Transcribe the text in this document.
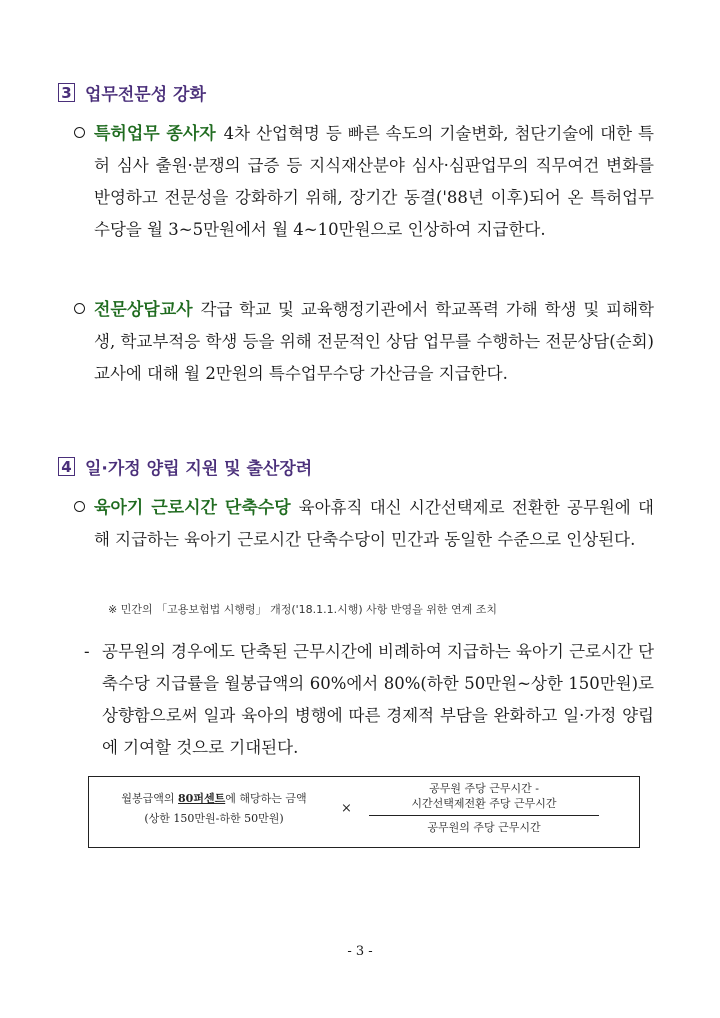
3 업무전문성 강화
특허업무 종사자 4차 산업혁명 등 빠른 속도의 기술변화, 첨단기술에 대한 특허 심사 출원·분쟁의 급증 등 지식재산분야 심사·심판업무의 직무여건 변화를 반영하고 전문성을 강화하기 위해, 장기간 동결('88년 이후)되어 온 특허업무수당을 월 3~5만원에서 월 4~10만원으로 인상하여 지급한다.
전문상담교사 각급 학교 및 교육행정기관에서 학교폭력 가해 학생 및 피해학생, 학교부적응 학생 등을 위해 전문적인 상담 업무를 수행하는 전문상담(순회)교사에 대해 월 2만원의 특수업무수당 가산금을 지급한다.
4 일·가정 양립 지원 및 출산장려
육아기 근로시간 단축수당 육아휴직 대신 시간선택제로 전환한 공무원에 대해 지급하는 육아기 근로시간 단축수당이 민간과 동일한 수준으로 인상된다.
※ 민간의 「고용보험법 시행령」 개정('18.1.1.시행) 사항 반영을 위한 연계 조치
- 공무원의 경우에도 단축된 근무시간에 비례하여 지급하는 육아기 근로시간 단축수당 지급률을 월봉급액의 60%에서 80%(하한 50만원~상한 150만원)로 상향함으로써 일과 육아의 병행에 따른 경제적 부담을 완화하고 일·가정 양립에 기여할 것으로 기대된다.
월봉급액의 80퍼센트에 해당하는 금액
(상한 150만원-하한 50만원)
×
공무원 주당 근무시간 -
시간선택제전환 주당 근무시간
공무원의 주당 근무시간
- 3 -
